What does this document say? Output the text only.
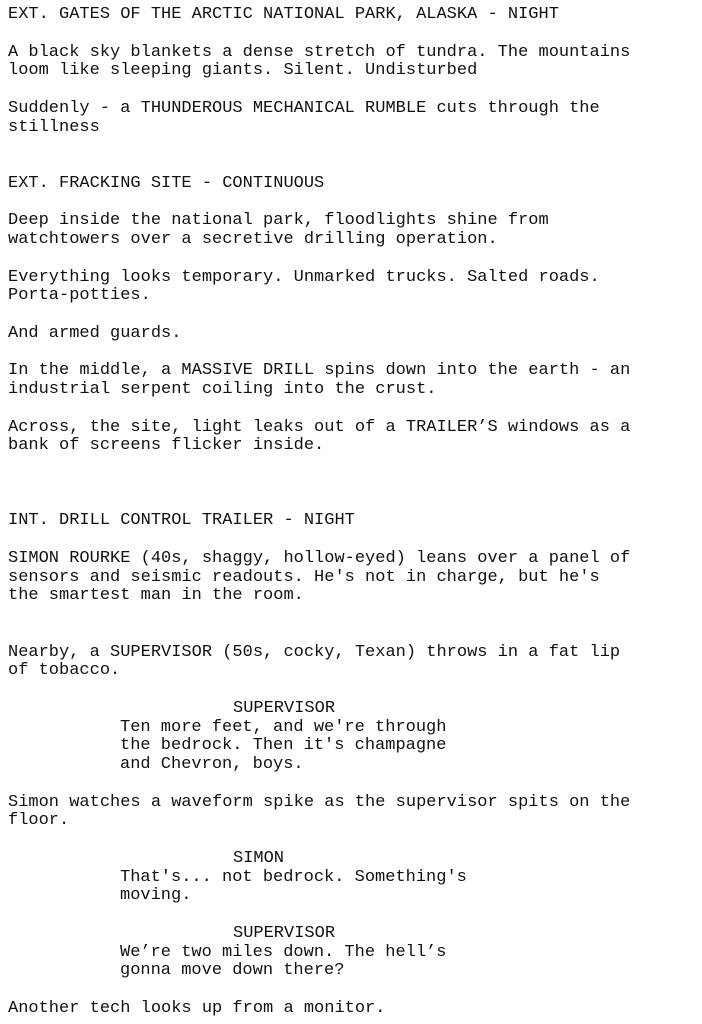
EXT. GATES OF THE ARCTIC NATIONAL PARK, ALASKA - NIGHT
A black sky blankets a dense stretch of tundra. The mountains
loom like sleeping giants. Silent. Undisturbed
Suddenly - a THUNDEROUS MECHANICAL RUMBLE cuts through the
stillness
EXT. FRACKING SITE - CONTINUOUS
Deep inside the national park, floodlights shine from
watchtowers over a secretive drilling operation.
Everything looks temporary. Unmarked trucks. Salted roads.
Porta-potties.
And armed guards.
In the middle, a MASSIVE DRILL spins down into the earth - an
industrial serpent coiling into the crust.
Across, the site, light leaks out of a TRAILER’S windows as a
bank of screens flicker inside.
INT. DRILL CONTROL TRAILER - NIGHT
SIMON ROURKE (40s, shaggy, hollow-eyed) leans over a panel of
sensors and seismic readouts. He's not in charge, but he's
the smartest man in the room.
Nearby, a SUPERVISOR (50s, cocky, Texan) throws in a fat lip
of tobacco.
SUPERVISOR
Ten more feet, and we're through
the bedrock. Then it's champagne
and Chevron, boys.
Simon watches a waveform spike as the supervisor spits on the
floor.
SIMON
That's... not bedrock. Something's
moving.
SUPERVISOR
We’re two miles down. The hell’s
gonna move down there?
Another tech looks up from a monitor.
